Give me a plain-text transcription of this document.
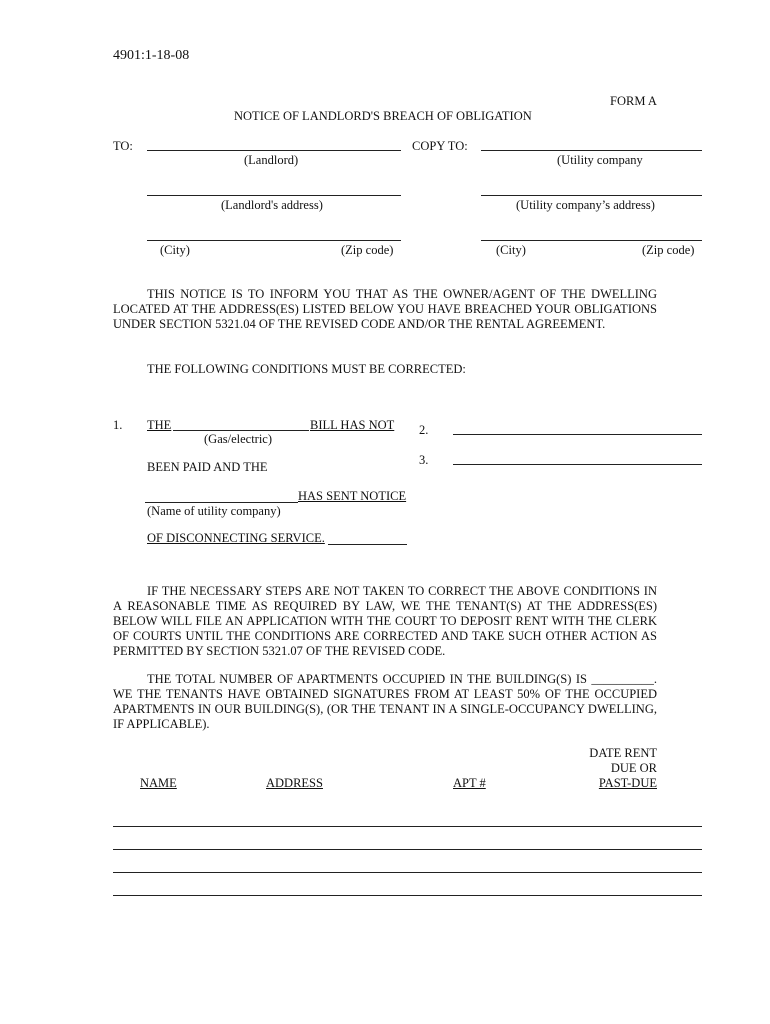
4901:1-18-08
FORM A
NOTICE OF LANDLORD'S BREACH OF OBLIGATION
TO:
(Landlord)
(Landlord's address)
(City)	(Zip code)
COPY TO:
(Utility company
(Utility company’s address)
(City)	(Zip code)
THIS NOTICE IS TO INFORM YOU THAT AS THE OWNER/AGENT OF THE DWELLING LOCATED AT THE ADDRESS(ES) LISTED BELOW YOU HAVE BREACHED YOUR OBLIGATIONS UNDER SECTION 5321.04 OF THE REVISED CODE AND/OR THE RENTAL AGREEMENT.
THE FOLLOWING CONDITIONS MUST BE CORRECTED:
1. THE	BILL HAS NOT
(Gas/electric)
BEEN PAID AND THE
HAS SENT NOTICE
(Name of utility company)
OF DISCONNECTING SERVICE.
2.
3.
IF THE NECESSARY STEPS ARE NOT TAKEN TO CORRECT THE ABOVE CONDITIONS IN A REASONABLE TIME AS REQUIRED BY LAW, WE THE TENANT(S) AT THE ADDRESS(ES) BELOW WILL FILE AN APPLICATION WITH THE COURT TO DEPOSIT RENT WITH THE CLERK OF COURTS UNTIL THE CONDITIONS ARE CORRECTED AND TAKE SUCH OTHER ACTION AS PERMITTED BY SECTION 5321.07 OF THE REVISED CODE.
THE TOTAL NUMBER OF APARTMENTS OCCUPIED IN THE BUILDING(S) IS __________. WE THE TENANTS HAVE OBTAINED SIGNATURES FROM AT LEAST 50% OF THE OCCUPIED APARTMENTS IN OUR BUILDING(S), (OR THE TENANT IN A SINGLE-OCCUPANCY DWELLING, IF APPLICABLE).
NAME	ADDRESS	APT #
DATE RENT
DUE OR
PAST-DUE
